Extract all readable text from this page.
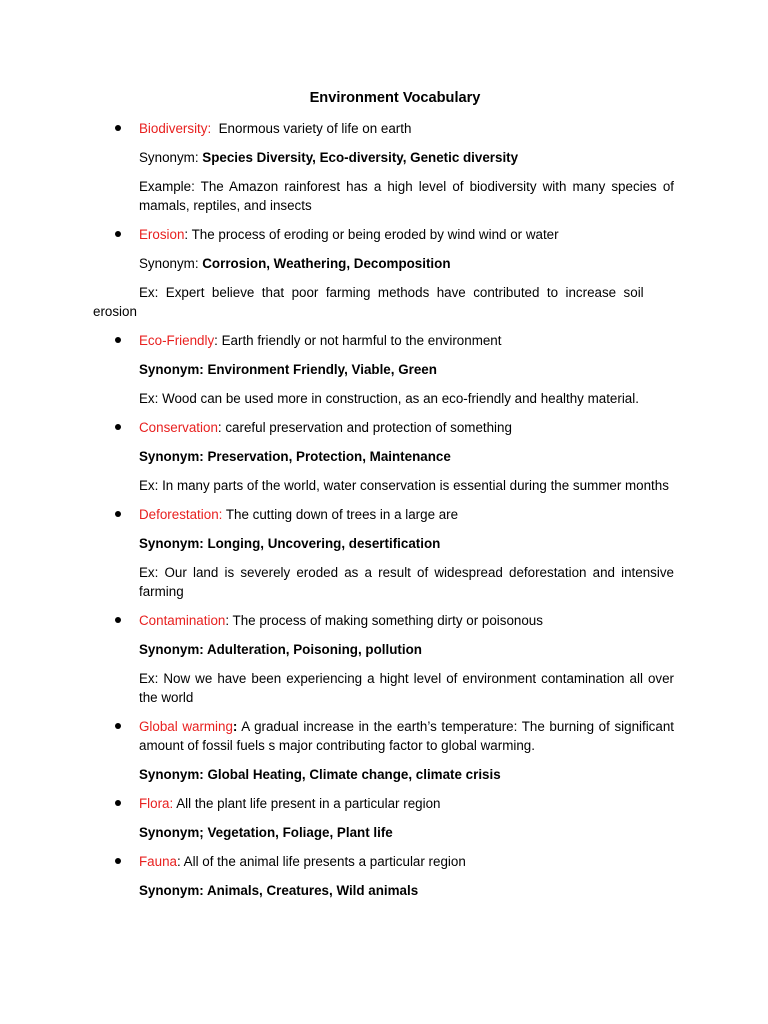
Environment Vocabulary
Biodiversity:  Enormous variety of life on earth
Synonym: Species Diversity, Eco-diversity, Genetic diversity
Example: The Amazon rainforest has a high level of biodiversity with many species of mamals, reptiles, and insects
Erosion: The process of eroding or being eroded by wind wind or water
Synonym: Corrosion, Weathering, Decomposition
Ex:  Expert  believe  that  poor  farming  methods  have  contributed  to  increase  soil
erosion
Eco-Friendly: Earth friendly or not harmful to the environment
Synonym: Environment Friendly, Viable, Green
Ex: Wood can be used more in construction, as an eco-friendly and healthy material.
Conservation: careful preservation and protection of something
Synonym: Preservation, Protection, Maintenance
Ex: In many parts of the world, water conservation is essential during the summer months
Deforestation: The cutting down of trees in a large are
Synonym: Longing, Uncovering, desertification
Ex: Our land is severely eroded as a result of widespread deforestation and intensive farming
Contamination: The process of making something dirty or poisonous
Synonym: Adulteration, Poisoning, pollution
Ex: Now we have been experiencing a hight level of environment contamination all over the world
Global warming: A gradual increase in the earth’s temperature: The burning of significant amount of fossil fuels s major contributing factor to global warming.
Synonym: Global Heating, Climate change, climate crisis
Flora: All the plant life present in a particular region
Synonym; Vegetation, Foliage, Plant life
Fauna: All of the animal life presents a particular region
Synonym: Animals, Creatures, Wild animals
